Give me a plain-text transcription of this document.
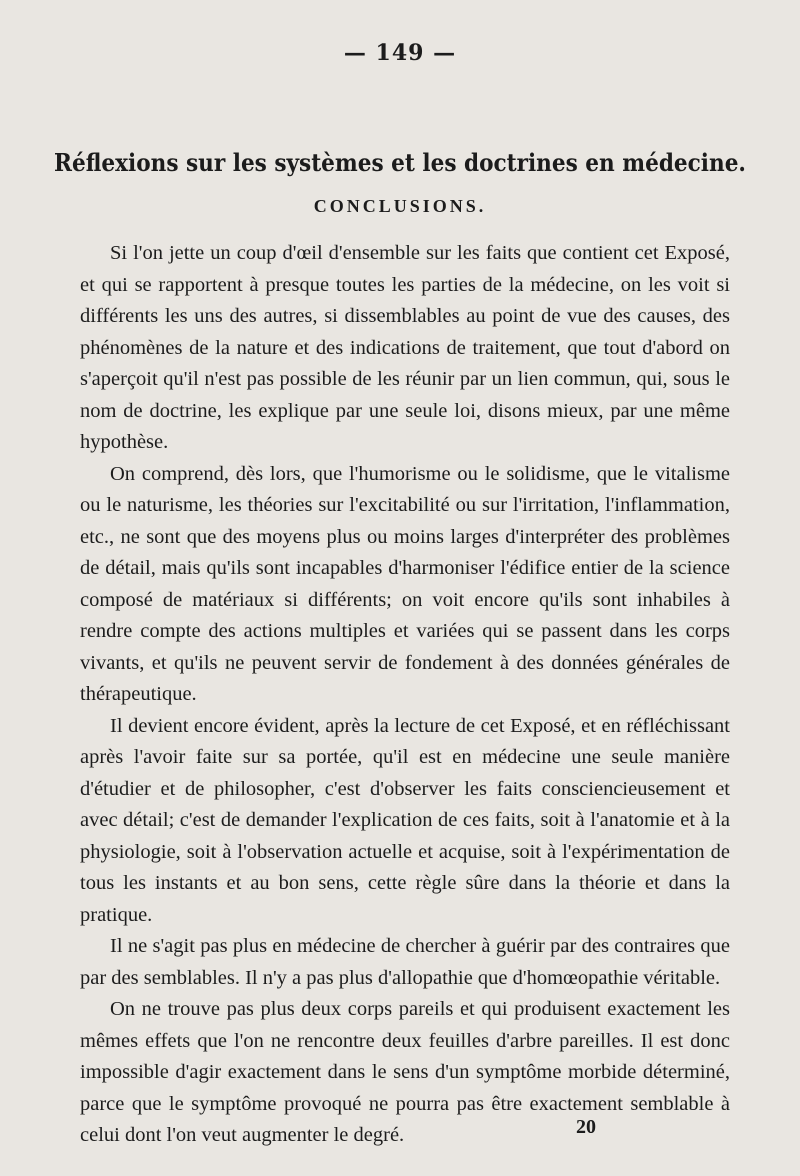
— 149 —
Réflexions sur les systèmes et les doctrines en médecine.
CONCLUSIONS.

Si l'on jette un coup d'œil d'ensemble sur les faits que contient cet Exposé, et qui se rapportent à presque toutes les parties de la médecine, on les voit si différents les uns des autres, si dissemblables au point de vue des causes, des phénomènes de la nature et des indications de traitement, que tout d'abord on s'aperçoit qu'il n'est pas possible de les réunir par un lien commun, qui, sous le nom de doctrine, les explique par une seule loi, disons mieux, par une même hypothèse.

On comprend, dès lors, que l'humorisme ou le solidisme, que le vitalisme ou le naturisme, les théories sur l'excitabilité ou sur l'irritation, l'inflammation, etc., ne sont que des moyens plus ou moins larges d'interpréter des problèmes de détail, mais qu'ils sont incapables d'harmoniser l'édifice entier de la science composé de matériaux si différents; on voit encore qu'ils sont inhabiles à rendre compte des actions multiples et variées qui se passent dans les corps vivants, et qu'ils ne peuvent servir de fondement à des données générales de thérapeutique.

Il devient encore évident, après la lecture de cet Exposé, et en réfléchissant après l'avoir faite sur sa portée, qu'il est en médecine une seule manière d'étudier et de philosopher, c'est d'observer les faits consciencieusement et avec détail; c'est de demander l'explication de ces faits, soit à l'anatomie et à la physiologie, soit à l'observation actuelle et acquise, soit à l'expérimentation de tous les instants et au bon sens, cette règle sûre dans la théorie et dans la pratique.

Il ne s'agit pas plus en médecine de chercher à guérir par des contraires que par des semblables. Il n'y a pas plus d'allopathie que d'homœopathie véritable.

On ne trouve pas plus deux corps pareils et qui produisent exactement les mêmes effets que l'on ne rencontre deux feuilles d'arbre pareilles. Il est donc impossible d'agir exactement dans le sens d'un symptôme morbide déterminé, parce que le symptôme provoqué ne pourra pas être exactement semblable à celui dont l'on veut augmenter le degré.	20
